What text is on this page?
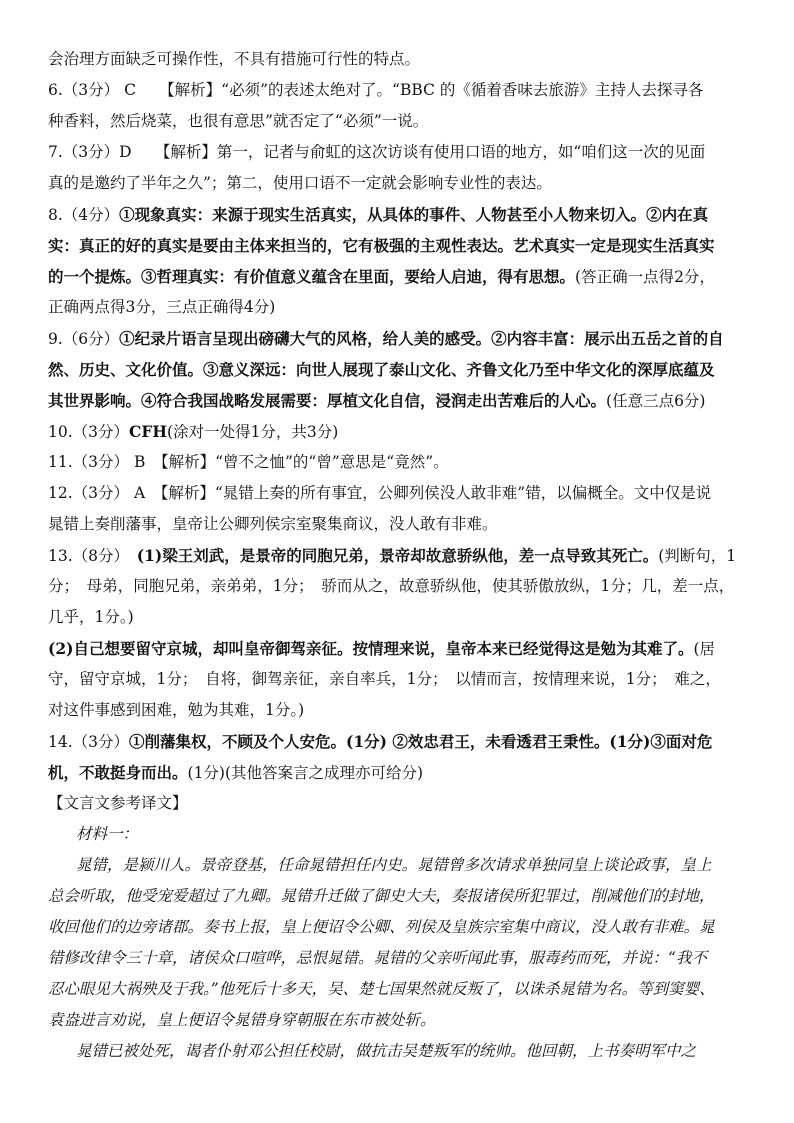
会治理方面缺乏可操作性，不具有措施可行性的特点。
6.（3分） C　　【解析】“必须”的表述太绝对了。“BBC 的《循着香味去旅游》主持人去探寻各
种香料，然后烧菜，也很有意思”就否定了“必须”一说。
7.（3分）D　　【解析】第一，记者与俞虹的这次访谈有使用口语的地方，如“咱们这一次的见面
真的是邀约了半年之久”；第二，使用口语不一定就会影响专业性的表达。
8.（4分）①现象真实：来源于现实生活真实，从具体的事件、人物甚至小人物来切入。②内在真
实：真正的好的真实是要由主体来担当的，它有极强的主观性表达。艺术真实一定是现实生活真实
的一个提炼。③哲理真实：有价值意义蕴含在里面，要给人启迪，得有思想。(答正确一点得2分，
正确两点得3分，三点正确得4分)
9.（6分）①纪录片语言呈现出磅礴大气的风格，给人美的感受。②内容丰富：展示出五岳之首的自
然、历史、文化价值。③意义深远：向世人展现了泰山文化、齐鲁文化乃至中华文化的深厚底蕴及
其世界影响。④符合我国战略发展需要：厚植文化自信，浸润走出苦难后的人心。(任意三点6分)
10.（3分）CFH(涂对一处得1分，共3分)
11.（3分） B　【解析】“曾不之恤”的“曾”意思是“竟然”。
12.（3分） A　【解析】“晁错上奏的所有事宜，公卿列侯没人敢非难”错，以偏概全。文中仅是说
晁错上奏削藩事，皇帝让公卿列侯宗室聚集商议，没人敢有非难。
13.（8分）　(1)梁王刘武，是景帝的同胞兄弟，景帝却故意骄纵他，差一点导致其死亡。(判断句，1
分；　母弟，同胞兄弟，亲弟弟，1分；　骄而从之，故意骄纵他，使其骄傲放纵，1分；几，差一点，
几乎，1分。)
(2)自己想要留守京城，却叫皇帝御驾亲征。按情理来说，皇帝本来已经觉得这是勉为其难了。(居
守，留守京城，1分；　自将，御驾亲征，亲自率兵，1分；　以情而言，按情理来说，1分；　难之，
对这件事感到困难，勉为其难，1分。)
14.（3分）①削藩集权，不顾及个人安危。(1分) ②效忠君王，未看透君王秉性。(1分)③面对危
机，不敢挺身而出。(1分)(其他答案言之成理亦可给分)
【文言文参考译文】
材料一：
晁错，是颍川人。景帝登基，任命晁错担任内史。晁错曾多次请求单独同皇上谈论政事，皇上
总会听取，他受宠爱超过了九卿。晁错升迁做了御史大夫，奏报诸侯所犯罪过，削减他们的封地，
收回他们的边旁诸郡。奏书上报，皇上便诏令公卿、列侯及皇族宗室集中商议，没人敢有非难。晁
错修改律令三十章，诸侯众口喧哗，忌恨晁错。晁错的父亲听闻此事，服毒药而死，并说：“我不
忍心眼见大祸殃及于我。”他死后十多天，吴、楚七国果然就反叛了，以诛杀晁错为名。等到窦婴、
袁盎进言劝说，皇上便诏令晁错身穿朝服在东市被处斩。
晁错已被处死，谒者仆射邓公担任校尉，做抗击吴楚叛军的统帅。他回朝，上书奏明军中之
